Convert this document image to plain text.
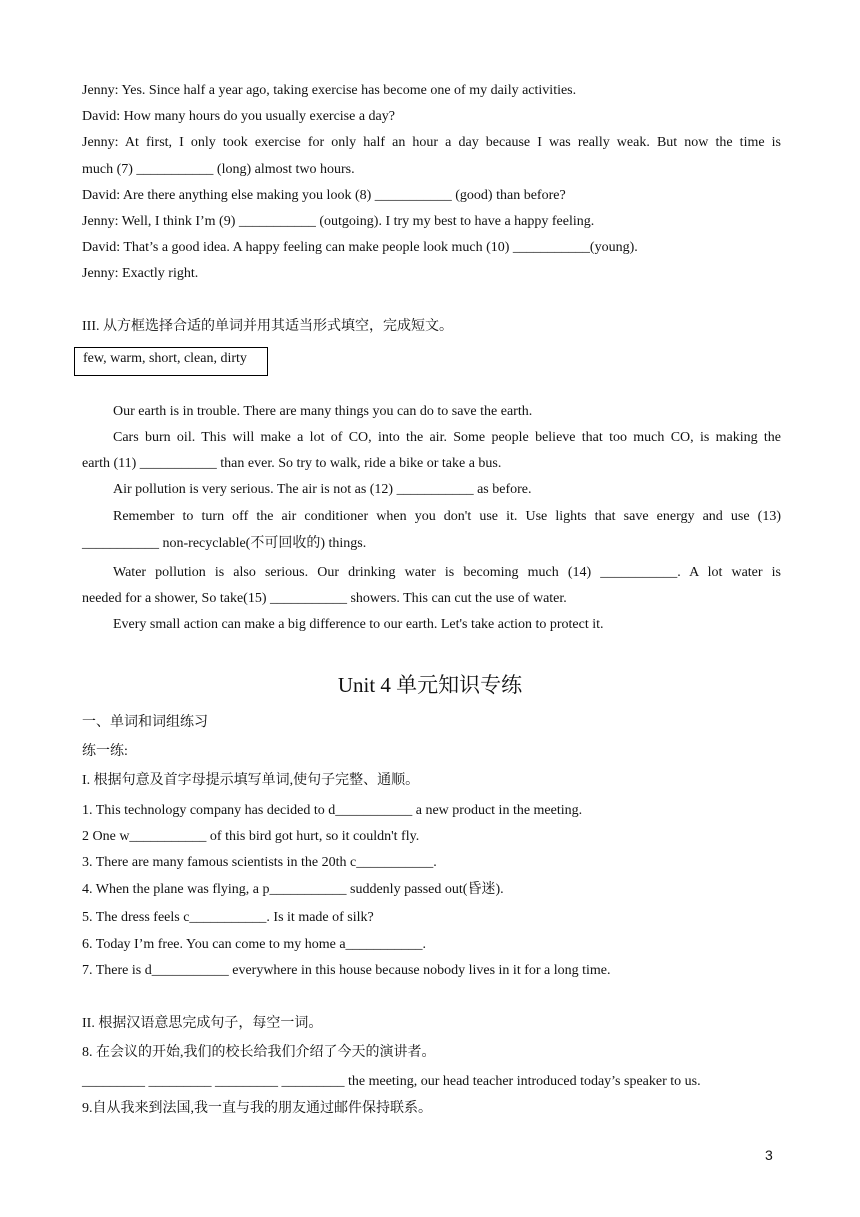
Jenny: Yes. Since half a year ago, taking exercise has become one of my daily activities.
David: How many hours do you usually exercise a day?
Jenny: At first, I only took exercise for only half an hour a day because I was really weak. But now the time is
much (7) ___________ (long) almost two hours.
David: Are there anything else making you look (8) ___________ (good) than before?
Jenny: Well, I think I’m (9) ___________ (outgoing). I try my best to have a happy feeling.
David: That’s a good idea. A happy feeling can make people look much (10) ___________(young).
Jenny: Exactly right.
III. 从方框选择合适的单词并用其适当形式填空，完成短文。
few, warm, short, clean, dirty
Our earth is in trouble. There are many things you can do to save the earth.
Cars burn oil. This will make a lot of CO, into the air. Some people believe that too much CO, is making the
earth (11) ___________ than ever. So try to walk, ride a bike or take a bus.
Air pollution is very serious. The air is not as (12) ___________ as before.
Remember to turn off the air conditioner when you don't use it. Use lights that save energy and use (13)
___________ non-recyclable(不可回收的) things.
Water pollution is also serious. Our drinking water is becoming much (14) ___________. A lot water is
needed for a shower, So take(15) ___________ showers. This can cut the use of water.
Every small action can make a big difference to our earth. Let's take action to protect it.
Unit 4 单元知识专练
一、单词和词组练习
练一练:
I. 根据句意及首字母提示填写单词,使句子完整、通顺。
1. This technology company has decided to d___________ a new product in the meeting.
2 One w___________ of this bird got hurt, so it couldn't fly.
3. There are many famous scientists in the 20th c___________.
4. When the plane was flying, a p___________ suddenly passed out(昏迷).
5. The dress feels c___________. Is it made of silk?
6. Today I’m free. You can come to my home a___________.
7. There is d___________ everywhere in this house because nobody lives in it for a long time.
II. 根据汉语意思完成句子，每空一词。
8. 在会议的开始,我们的校长给我们介绍了今天的演讲者。
_________ _________ _________ _________ the meeting, our head teacher introduced today’s speaker to us.
9.自从我来到法国,我一直与我的朋友通过邮件保持联系。
3
